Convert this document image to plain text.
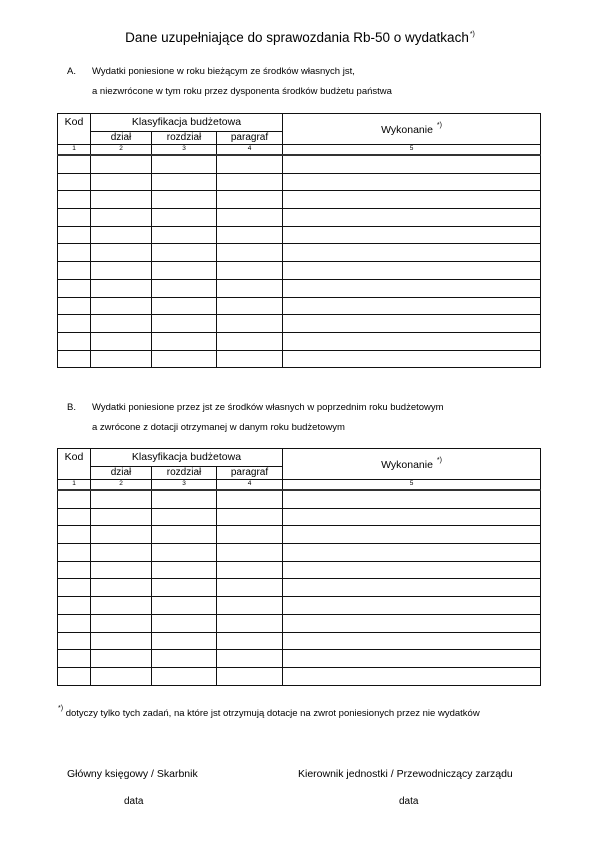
Dane uzupełniające do sprawozdania Rb-50 o wydatkach*)
A. Wydatki poniesione w roku bieżącym ze środków własnych jst,
a niezwrócone w tym roku przez dysponenta środków budżetu państwa
Kod	Klasyfikacja budżetowa			Wykonanie *)
	dział	rozdział	paragraf	
1	2	3	4	5

B. Wydatki poniesione przez jst ze środków własnych w poprzednim roku budżetowym
a zwrócone z dotacji otrzymanej w danym roku budżetowym
Kod	Klasyfikacja budżetowa			Wykonanie *)
	dział	rozdział	paragraf	
1	2	3	4	5

*) dotyczy tylko tych zadań, na które jst otrzymują dotacje na zwrot poniesionych przez nie wydatków
Główny księgowy / Skarbnik
data
Kierownik jednostki / Przewodniczący zarządu
data
